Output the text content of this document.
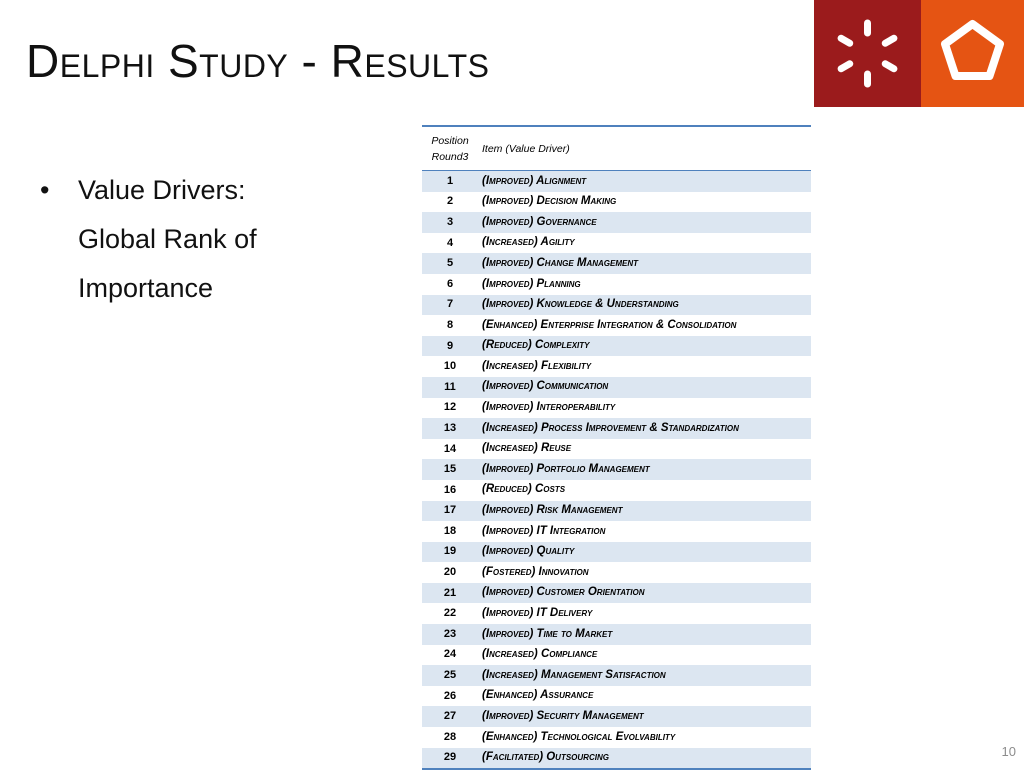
Delphi Study - Results
•	Value Drivers: Global Rank of Importance
Position Round3	Item (Value Driver)
1	(Improved) Alignment
2	(Improved) Decision Making
3	(Improved) Governance
4	(Increased) Agility
5	(Improved) Change Management
6	(Improved) Planning
7	(Improved) Knowledge & Understanding
8	(Enhanced) Enterprise Integration & Consolidation
9	(Reduced) Complexity
10	(Increased) Flexibility
11	(Improved) Communication
12	(Improved) Interoperability
13	(Increased) Process Improvement & Standardization
14	(Increased) Reuse
15	(Improved) Portfolio Management
16	(Reduced) Costs
17	(Improved) Risk Management
18	(Improved) IT Integration
19	(Improved) Quality
20	(Fostered) Innovation
21	(Improved) Customer Orientation
22	(Improved) IT Delivery
23	(Improved) Time to Market
24	(Increased) Compliance
25	(Increased) Management Satisfaction
26	(Enhanced) Assurance
27	(Improved) Security Management
28	(Enhanced) Technological Evolvability
29	(Facilitated) Outsourcing	10
